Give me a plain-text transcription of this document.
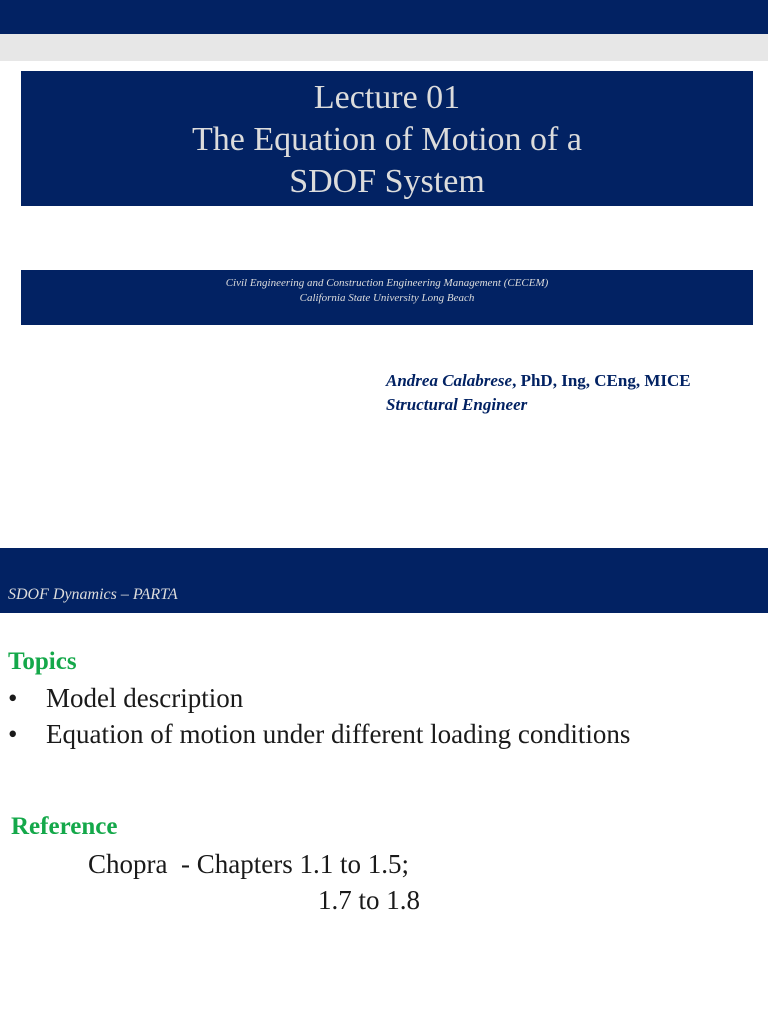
Lecture 01
The Equation of Motion of a
SDOF System
Civil Engineering and Construction Engineering Management (CECEM)
California State University Long Beach
Andrea Calabrese, PhD, Ing, CEng, MICE
Structural Engineer
SDOF Dynamics – PARTA
Topics
•	Model description
•	Equation of motion under different loading conditions
Reference
Chopra  - Chapters 1.1 to 1.5;
1.7 to 1.8
